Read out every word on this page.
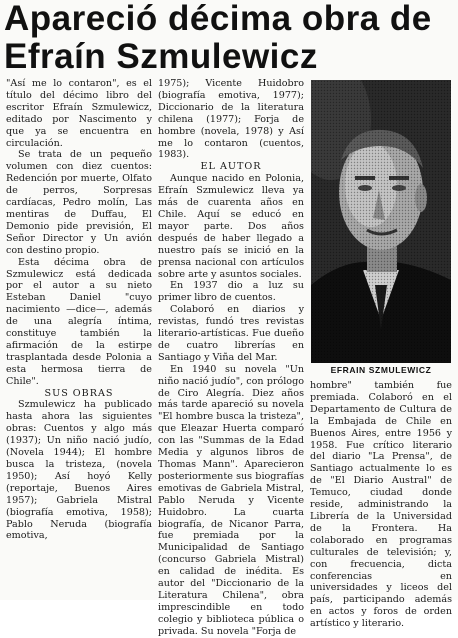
Apareció décima obra de Efraín Szmulewicz

"Así me lo contaron", es el título del décimo libro del escritor Efraín Szmulewicz, editado por Nascimento y que ya se encuentra en circulación.

Se trata de un pequeño volumen con diez cuentos: Redención por muerte, Olfato de perros, Sorpresas cardíacas, Pedro molín, Las mentiras de Duffau, El Demonio pide previsión, El Señor Director y Un avión con destino propio.

Esta décima obra de Szmulewicz está dedicada por el autor a su nieto Esteban Daniel "cuyo nacimiento —dice—, además de una alegría íntima, constituye también la afirmación de la estirpe trasplantada desde Polonia a esta hermosa tierra de Chile".

SUS OBRAS

Szmulewicz ha publicado hasta ahora las siguientes obras: Cuentos y algo más (1937); Un niño nació judío, (Novela 1944); El hombre busca la tristeza, (novela 1950); Así hoyó Kelly (reportaje, Buenos Aires 1957); Gabriela Mistral (biografía emotiva, 1958); Pablo Neruda (biografía emotiva,

1975); Vicente Huidobro (biografía emotiva, 1977); Diccionario de la literatura chilena (1977); Forja de hombre (novela, 1978) y Así me lo contaron (cuentos, 1983).

EL AUTOR

Aunque nacido en Polonia, Efraín Szmulewicz lleva ya más de cuarenta años en Chile. Aquí se educó en mayor parte. Dos años después de haber llegado a nuestro país se inició en la prensa nacional con artículos sobre arte y asuntos sociales.

En 1937 dio a luz su primer libro de cuentos.

Colaboró en diarios y revistas, fundó tres revistas literario-artísticas. Fue dueño de cuatro librerías en Santiago y Viña del Mar.

En 1940 su novela "Un niño nació judío", con prólogo de Ciro Alegría. Diez años más tarde apareció su novela "El hombre busca la tristeza", que Eleazar Huerta comparó con las "Summas de la Edad Media y algunos libros de Thomas Mann". Aparecieron posteriormente sus biografías emotivas de Gabriela Mistral, Pablo Neruda y Vicente Huidobro. La cuarta biografía, de Nicanor Parra, fue premiada por la Municipalidad de Santiago (concurso Gabriela Mistral) en calidad de inédita. Es autor del "Diccionario de la Literatura Chilena", obra imprescindible en todo colegio y biblioteca pública o privada. Su novela "Forja de

EFRAIN SZMULEWICZ

hombre" también fue premiada. Colaboró en el Departamento de Cultura de la Embajada de Chile en Buenos Aires, entre 1956 y 1958. Fue crítico literario del diario "La Prensa", de Santiago actualmente lo es de "El Diario Austral" de Temuco, ciudad donde reside, administrando la Librería de la Universidad de la Frontera. Ha colaborado en programas culturales de televisión; y, con frecuencia, dicta conferencias en universidades y liceos del país, participando además en actos y foros de orden artístico y literario.
